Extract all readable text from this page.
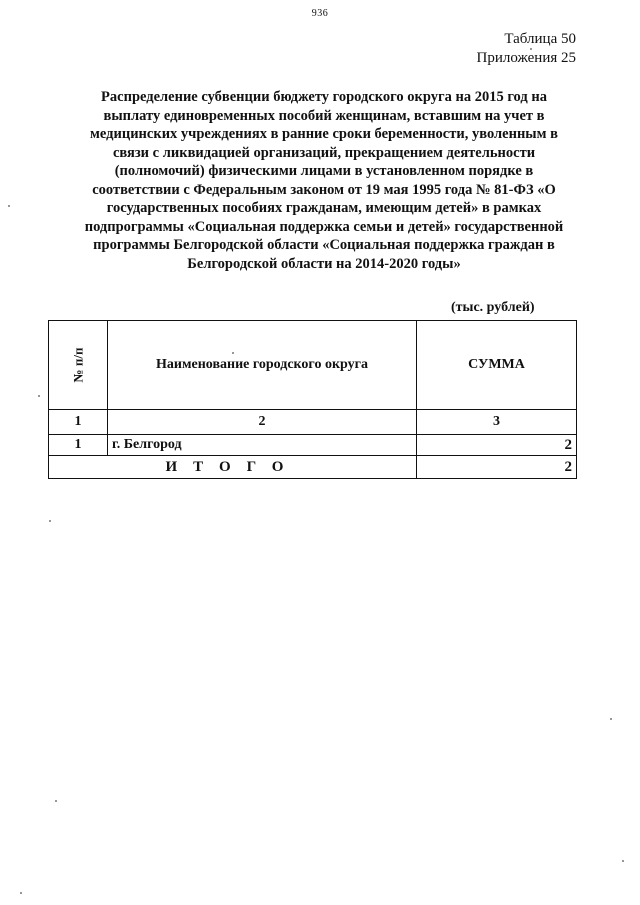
936
Таблица 50
Приложения 25
Распределение субвенции бюджету городского округа на 2015 год на
выплату единовременных пособий женщинам, вставшим на учет в
медицинских учреждениях в ранние сроки беременности, уволенным в
связи с ликвидацией организаций, прекращением деятельности
(полномочий) физическими лицами в установленном порядке в
соответствии с Федеральным законом от 19 мая 1995 года № 81-ФЗ «О
государственных пособиях гражданам, имеющим детей» в рамках
подпрограммы «Социальная поддержка семьи и детей» государственной
программы Белгородской области «Социальная поддержка граждан в
Белгородской области на 2014-2020 годы»
(тыс. рублей)
№ п/п	Наименование городского округа	СУММА
1	2	3
1	г. Белгород	2
ИТОГО		2
